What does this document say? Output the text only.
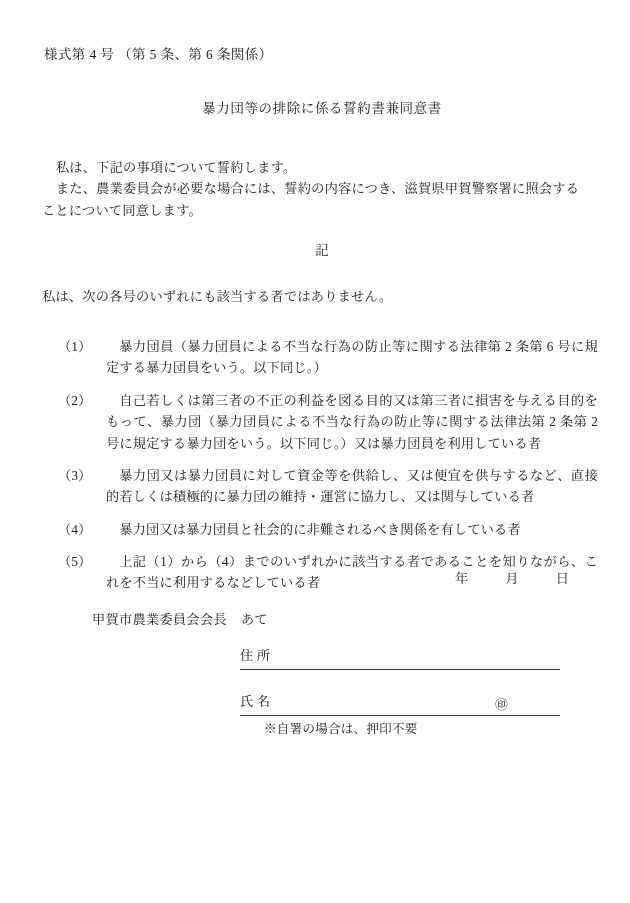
様式第 4 号 （第 5 条、第 6 条関係）
暴力団等の排除に係る誓約書兼同意書

私は、下記の事項について誓約します。

また、農業委員会が必要な場合には、誓約の内容につき、滋賀県甲賀警察署に照会することについて同意します。

記
私は、次の各号のいずれにも該当する者ではありません。
（1）	暴力団員（暴力団員による不当な行為の防止等に関する法律第 2 条第 6 号に規定する暴力団員をいう。以下同じ。）
（2）	自己若しくは第三者の不正の利益を図る目的又は第三者に損害を与える目的をもって、暴力団（暴力団員による不当な行為の防止等に関する法律法第 2 条第 2 号に規定する暴力団をいう。以下同じ。）又は暴力団員を利用している者
（3）	暴力団又は暴力団員に対して資金等を供給し、又は便宜を供与するなど、直接的若しくは積極的に暴力団の維持・運営に協力し、又は関与している者
（4）	暴力団又は暴力団員と社会的に非難されるべき関係を有している者
（5）	上記（1）から（4）までのいずれかに該当する者であることを知りながら、これを不当に利用するなどしている者	年	月	日
甲賀市農業委員会会長 あて
住 所
氏 名	㊞
※自署の場合は、押印不要
